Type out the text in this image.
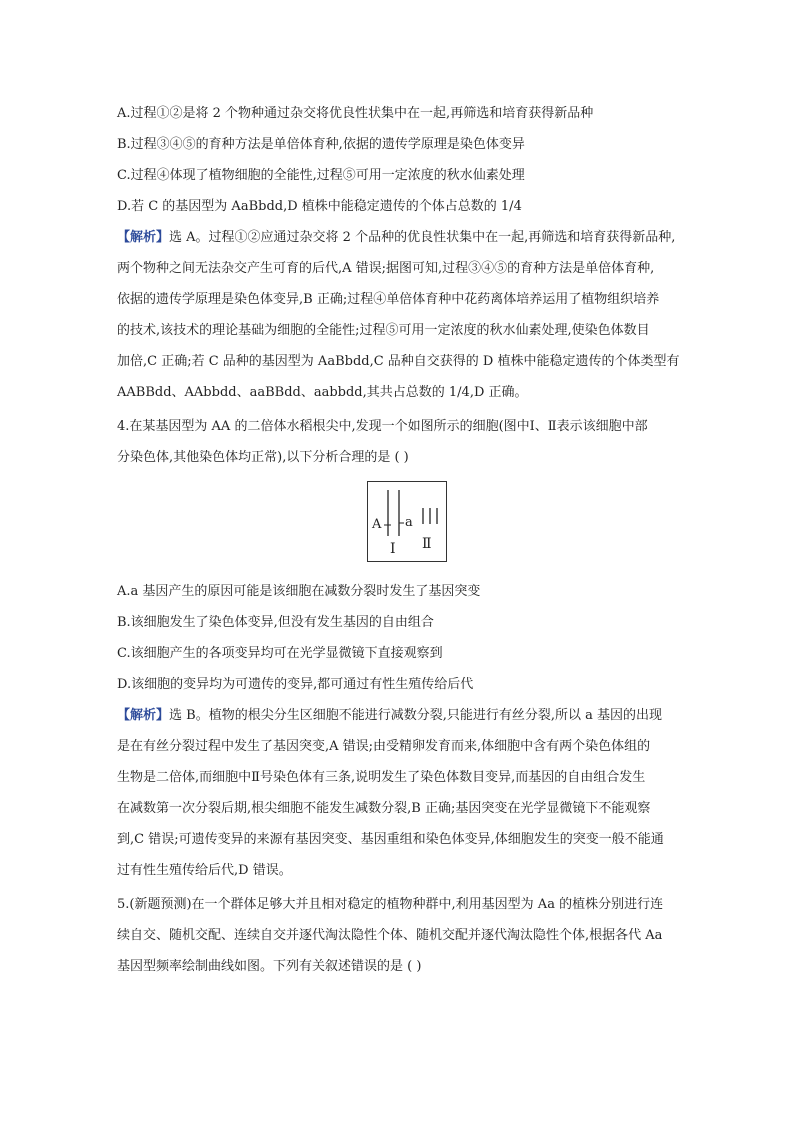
A.过程①②是将 2 个物种通过杂交将优良性状集中在一起,再筛选和培育获得新品种
B.过程③④⑤的育种方法是单倍体育种,依据的遗传学原理是染色体变异
C.过程④体现了植物细胞的全能性,过程⑤可用一定浓度的秋水仙素处理
D.若 C 的基因型为 AaBbdd,D 植株中能稳定遗传的个体占总数的 1/4
【解析】选 A。过程①②应通过杂交将 2 个品种的优良性状集中在一起,再筛选和培育获得新品种,
两个物种之间无法杂交产生可育的后代,A 错误;据图可知,过程③④⑤的育种方法是单倍体育种,
依据的遗传学原理是染色体变异,B 正确;过程④单倍体育种中花药离体培养运用了植物组织培养
的技术,该技术的理论基础为细胞的全能性;过程⑤可用一定浓度的秋水仙素处理,使染色体数目
加倍,C 正确;若 C 品种的基因型为 AaBbdd,C 品种自交获得的 D 植株中能稳定遗传的个体类型有
AABBdd、AAbbdd、aaBBdd、aabbdd,其共占总数的 1/4,D 正确。
4.在某基因型为 AA 的二倍体水稻根尖中,发现一个如图所示的细胞(图中Ⅰ、Ⅱ表示该细胞中部
分染色体,其他染色体均正常),以下分析合理的是 ( )
A a
Ⅰ Ⅱ
A.a 基因产生的原因可能是该细胞在减数分裂时发生了基因突变
B.该细胞发生了染色体变异,但没有发生基因的自由组合
C.该细胞产生的各项变异均可在光学显微镜下直接观察到
D.该细胞的变异均为可遗传的变异,都可通过有性生殖传给后代
【解析】选 B。植物的根尖分生区细胞不能进行减数分裂,只能进行有丝分裂,所以 a 基因的出现
是在有丝分裂过程中发生了基因突变,A 错误;由受精卵发育而来,体细胞中含有两个染色体组的
生物是二倍体,而细胞中Ⅱ号染色体有三条,说明发生了染色体数目变异,而基因的自由组合发生
在减数第一次分裂后期,根尖细胞不能发生减数分裂,B 正确;基因突变在光学显微镜下不能观察
到,C 错误;可遗传变异的来源有基因突变、基因重组和染色体变异,体细胞发生的突变一般不能通
过有性生殖传给后代,D 错误。
5.(新题预测)在一个群体足够大并且相对稳定的植物种群中,利用基因型为 Aa 的植株分别进行连
续自交、随机交配、连续自交并逐代淘汰隐性个体、随机交配并逐代淘汰隐性个体,根据各代 Aa
基因型频率绘制曲线如图。下列有关叙述错误的是 ( )
